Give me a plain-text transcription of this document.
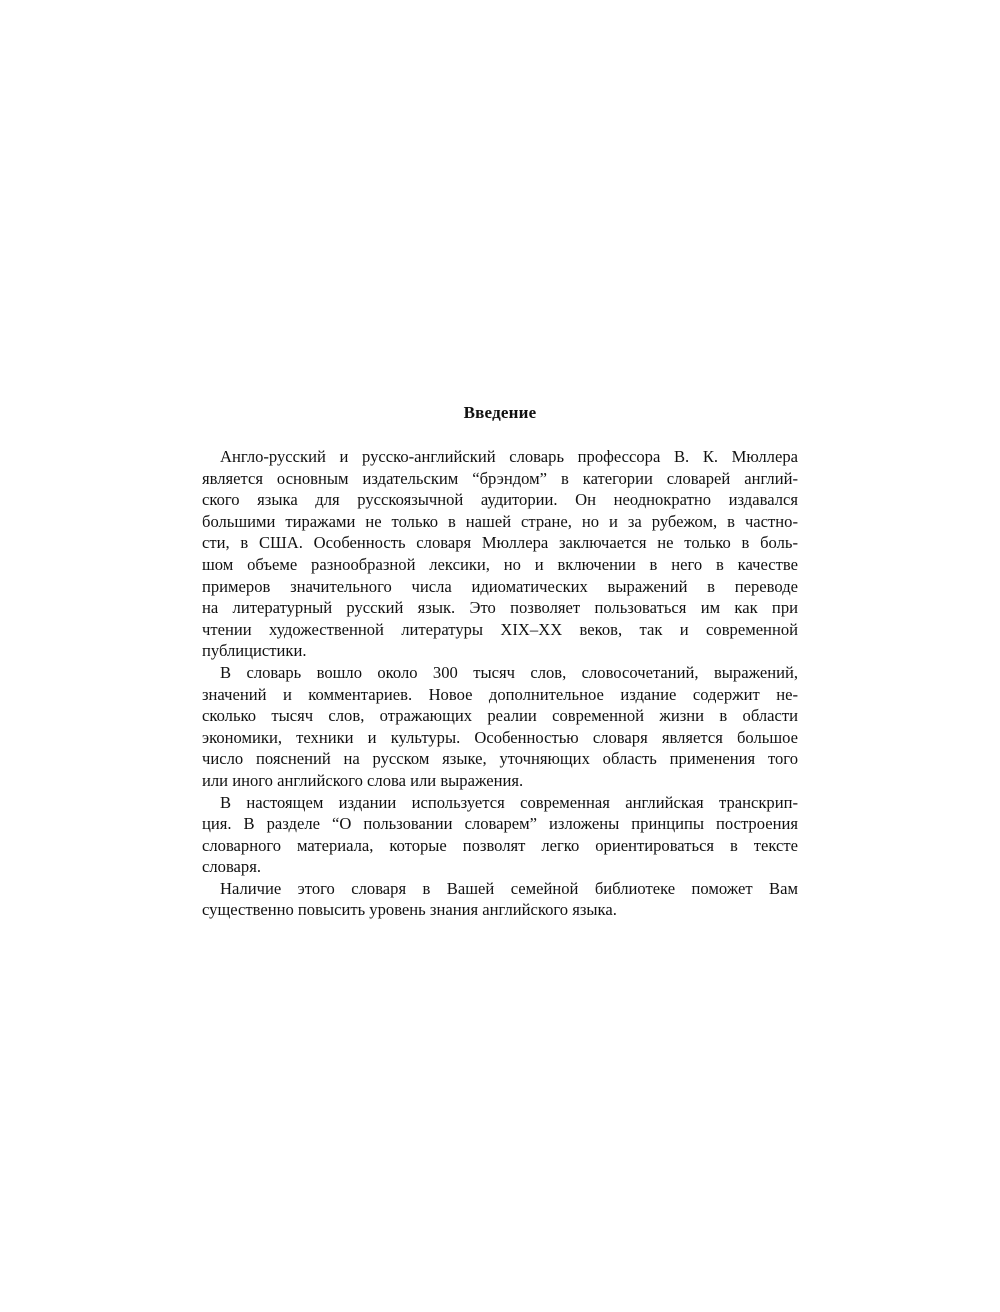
Введение

Англо-русский и русско-английский словарь профессора В. К. Мюллера
является основным издательским “брэндом” в категории словарей англий-
ского языка для русскоязычной аудитории. Он неоднократно издавался
большими тиражами не только в нашей стране, но и за рубежом, в частно-
сти, в США. Особенность словаря Мюллера заключается не только в боль-
шом объеме разнообразной лексики, но и включении в него в качестве
примеров значительного числа идиоматических выражений в переводе
на литературный русский язык. Это позволяет пользоваться им как при
чтении художественной литературы XIX–XX веков, так и современной
публицистики.

В словарь вошло около 300 тысяч слов, словосочетаний, выражений,
значений и комментариев. Новое дополнительное издание содержит не-
сколько тысяч слов, отражающих реалии современной жизни в области
экономики, техники и культуры. Особенностью словаря является большое
число пояснений на русском языке, уточняющих область применения того
или иного английского слова или выражения.

В настоящем издании используется современная английская транскрип-
ция. В разделе “О пользовании словарем” изложены принципы построения
словарного материала, которые позволят легко ориентироваться в тексте
словаря.

Наличие этого словаря в Вашей семейной библиотеке поможет Вам
существенно повысить уровень знания английского языка.
